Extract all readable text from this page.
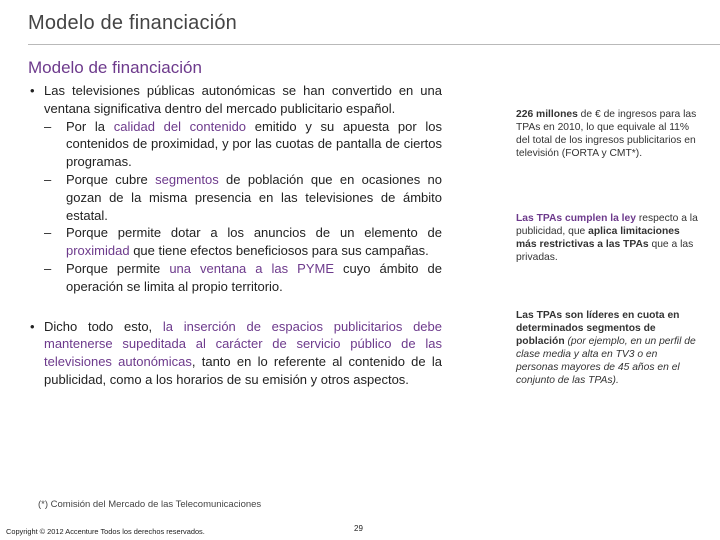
Modelo de financiación
Modelo de financiación

• Las televisiones públicas autonómicas se han convertido en una ventana significativa dentro del mercado publicitario español.

– Por la calidad del contenido emitido y su apuesta por los contenidos de proximidad, y por las cuotas de pantalla de ciertos programas.

– Porque cubre segmentos de población que en ocasiones no gozan de la misma presencia en las televisiones de ámbito estatal.

– Porque permite dotar a los anuncios de un elemento de proximidad que tiene efectos beneficiosos para sus campañas.

– Porque permite una ventana a las PYME cuyo ámbito de operación se limita al propio territorio.

• Dicho todo esto, la inserción de espacios publicitarios debe mantenerse supeditada al carácter de servicio público de las televisiones autonómicas, tanto en lo referente al contenido de la publicidad, como a los horarios de su emisión y otros aspectos.

226 millones de € de ingresos para las TPAs en 2010, lo que equivale al 11% del total de los ingresos publicitarios en televisión (FORTA y CMT*).
Las TPAs cumplen la ley respecto a la publicidad, que aplica limitaciones más restrictivas a las TPAs que a las privadas.
Las TPAs son líderes en cuota en determinados segmentos de población (por ejemplo, en un perfil de clase media y alta en TV3 o en personas mayores de 45 años en el conjunto de las TPAs).
(*) Comisión del Mercado de las Telecomunicaciones
Copyright © 2012 Accenture Todos los derechos reservados.	29
